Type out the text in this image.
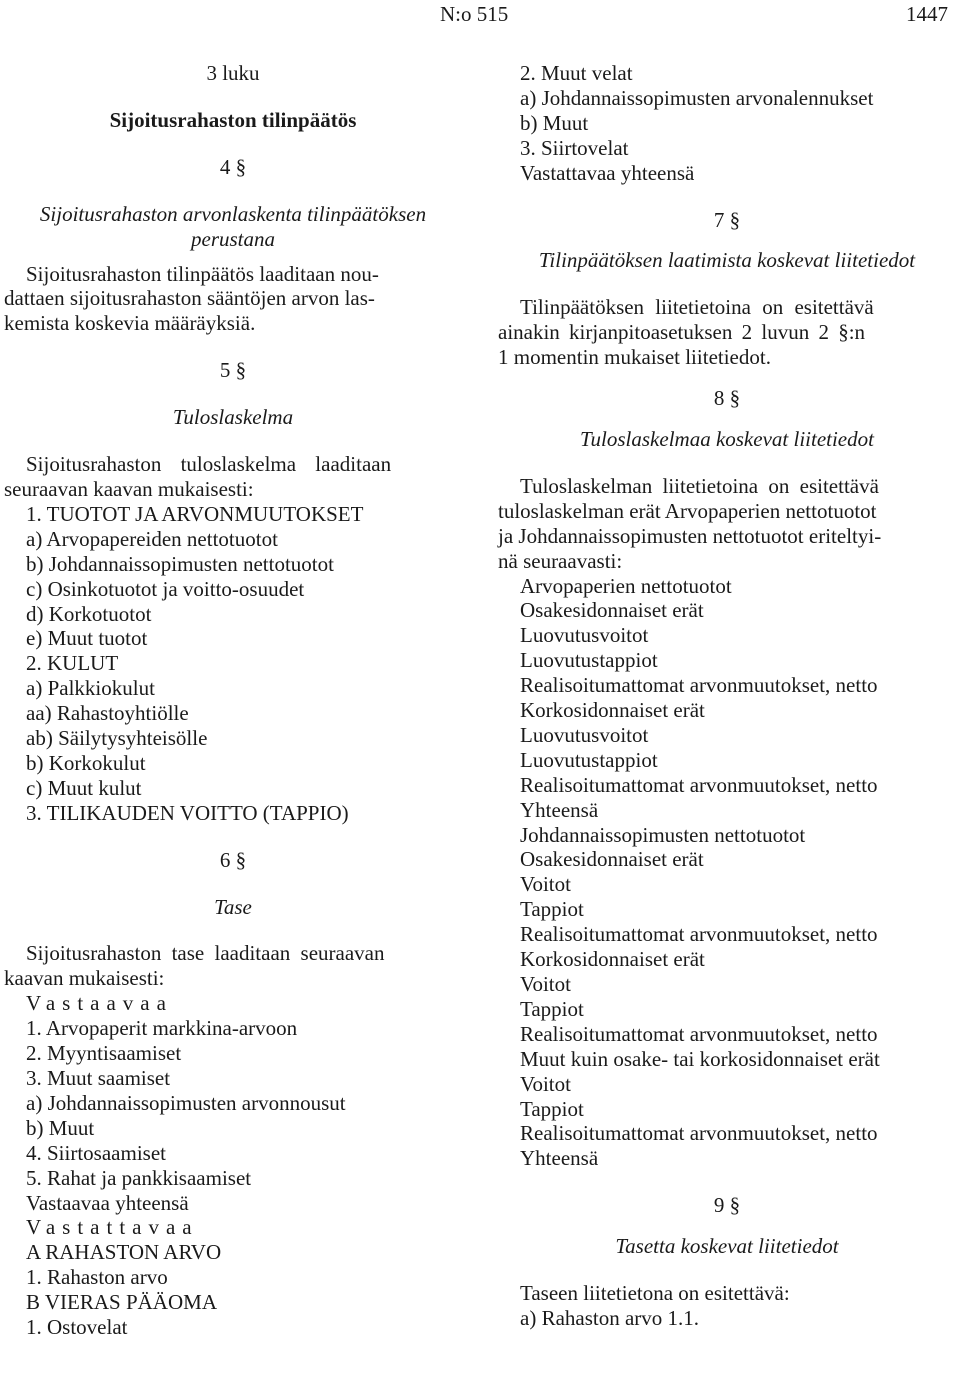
N:o 515	1447
3 luku
Sijoitusrahaston tilinpäätös
4 §
Sijoitusrahaston arvonlaskenta tilinpäätöksen
perustana
Sijoitusrahaston tilinpäätös laaditaan nou-
dattaen sijoitusrahaston sääntöjen arvon las-
kemista koskevia määräyksiä.
5 §
Tuloslaskelma
Sijoitusrahaston tuloslaskelma laaditaan
seuraavan kaavan mukaisesti:
1. TUOTOT JA ARVONMUUTOKSET
a) Arvopapereiden nettotuotot
b) Johdannaissopimusten nettotuotot
c) Osinkotuotot ja voitto-osuudet
d) Korkotuotot
e) Muut tuotot
2. KULUT
a) Palkkiokulut
aa) Rahastoyhtiölle
ab) Säilytysyhteisölle
b) Korkokulut
c) Muut kulut
3. TILIKAUDEN VOITTO (TAPPIO)
6 §
Tase
Sijoitusrahaston tase laaditaan seuraavan
kaavan mukaisesti:
Vastaavaa
1. Arvopaperit markkina-arvoon
2. Myyntisaamiset
3. Muut saamiset
a) Johdannaissopimusten arvonnousut
b) Muut
4. Siirtosaamiset
5. Rahat ja pankkisaamiset
Vastaavaa yhteensä
Vastattavaa
A RAHASTON ARVO
1. Rahaston arvo
B VIERAS PÄÄOMA
1. Ostovelat
2. Muut velat
a) Johdannaissopimusten arvonalennukset
b) Muut
3. Siirtovelat
Vastattavaa yhteensä
7 §
Tilinpäätöksen laatimista koskevat liitetiedot
Tilinpäätöksen liitetietoina on esitettävä
ainakin kirjanpitoasetuksen 2 luvun 2 §:n
1 momentin mukaiset liitetiedot.
8 §
Tuloslaskelmaa koskevat liitetiedot
Tuloslaskelman liitetietoina on esitettävä
tuloslaskelman erät Arvopaperien nettotuotot
ja Johdannaissopimusten nettotuotot eriteltyi-
nä seuraavasti:
Arvopaperien nettotuotot
Osakesidonnaiset erät
Luovutusvoitot
Luovutustappiot
Realisoitumattomat arvonmuutokset, netto
Korkosidonnaiset erät
Luovutusvoitot
Luovutustappiot
Realisoitumattomat arvonmuutokset, netto
Yhteensä
Johdannaissopimusten nettotuotot
Osakesidonnaiset erät
Voitot
Tappiot
Realisoitumattomat arvonmuutokset, netto
Korkosidonnaiset erät
Voitot
Tappiot
Realisoitumattomat arvonmuutokset, netto
Muut kuin osake- tai korkosidonnaiset erät
Voitot
Tappiot
Realisoitumattomat arvonmuutokset, netto
Yhteensä
9 §
Tasetta koskevat liitetiedot
Taseen liitetietona on esitettävä:
a) Rahaston arvo 1.1.
